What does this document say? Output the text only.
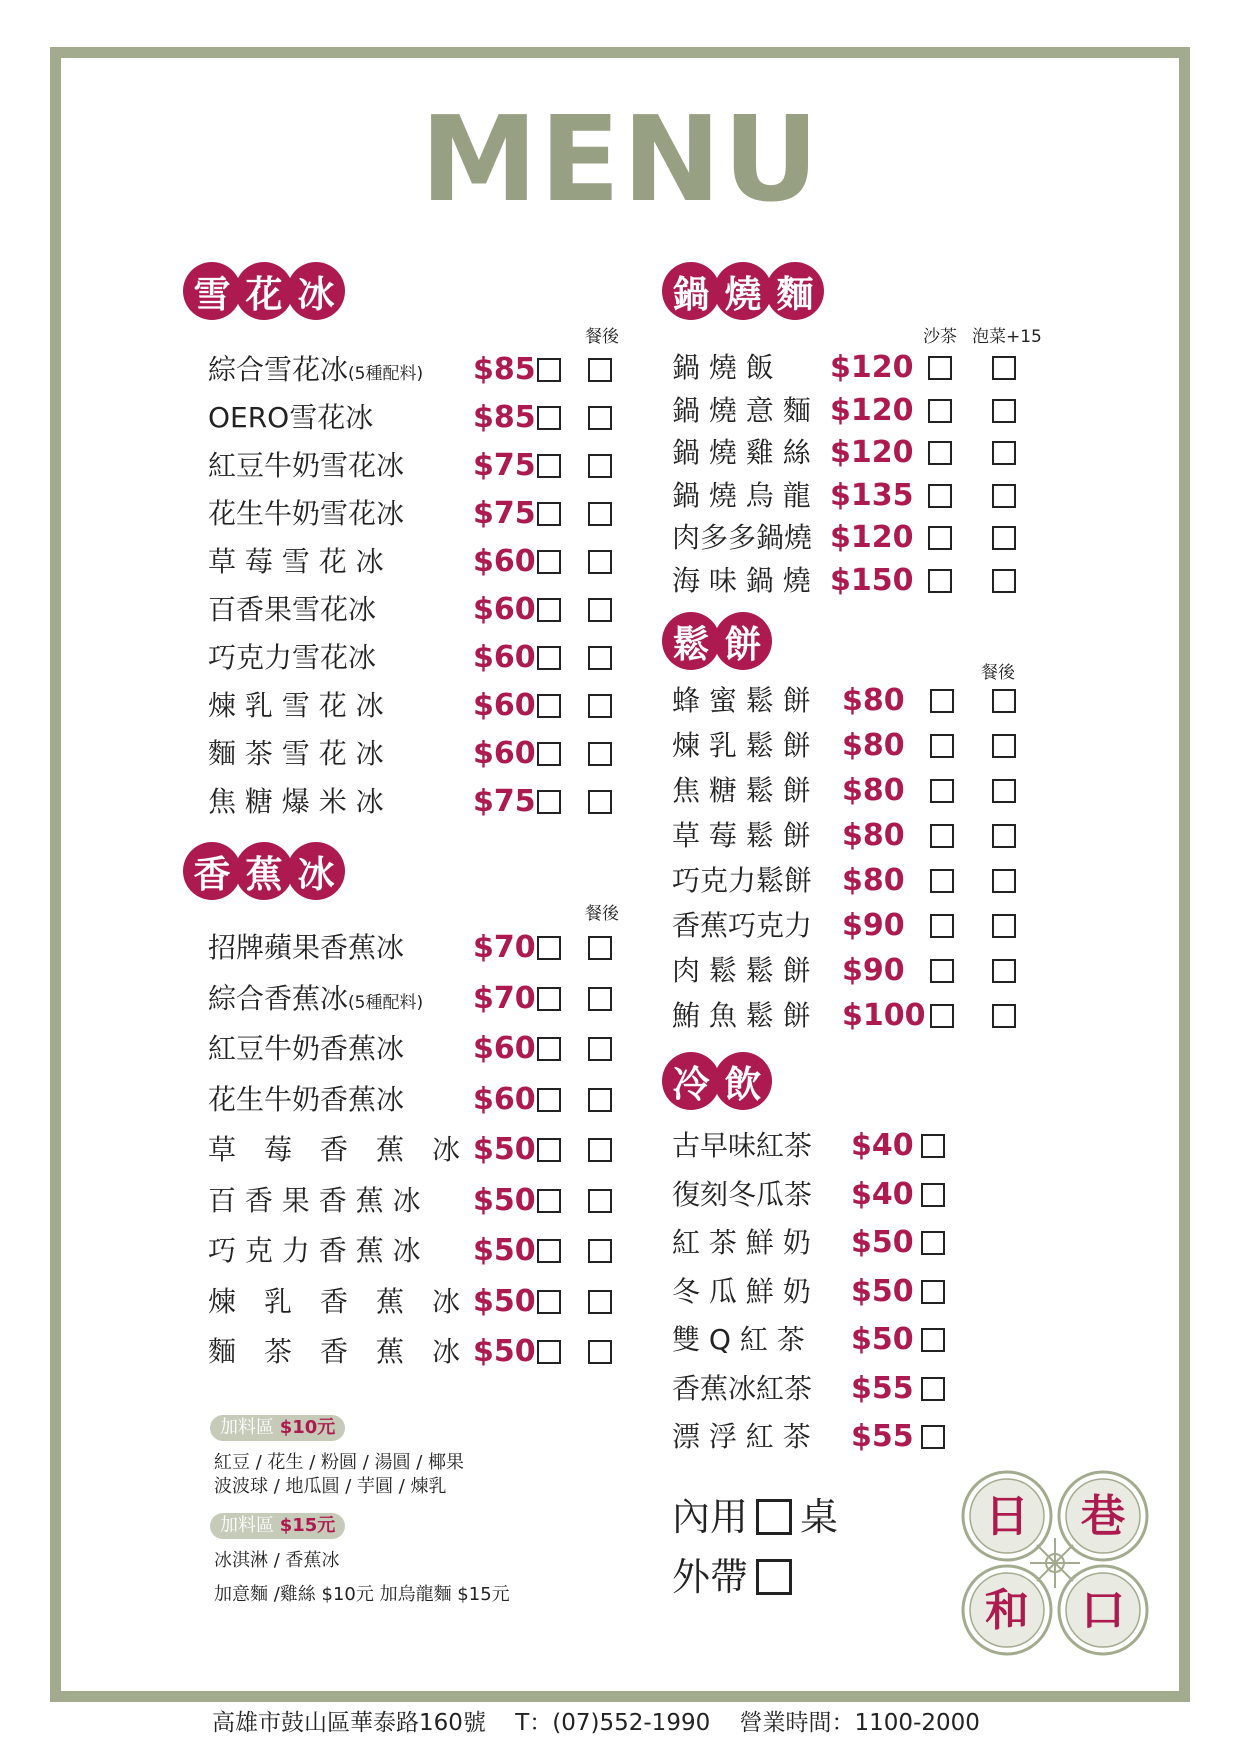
MENU
雪 花 冰
香 蕉 冰
鍋 燒 麵
鬆 餅
冷 飲
餐後
餐後
沙茶 泡菜+15
餐後
綜合雪花冰(5種配料) $85
OERO雪花冰	$85
紅豆牛奶雪花冰 $75
花生牛奶雪花冰 $75
草 莓 雪 花 冰	$60
百香果雪花冰	$60
巧克力雪花冰	$60
煉 乳 雪 花 冰	$60
麵 茶 雪 花 冰	$60
焦 糖 爆 米 冰	$75
招牌蘋果香蕉冰 $70
綜合香蕉冰(5種配料) $70
紅豆牛奶香蕉冰 $60
花生牛奶香蕉冰 $60
草　莓　香　蕉　冰 $50
百 香 果 香 蕉 冰 $50
巧 克 力 香 蕉 冰 $50
煉　乳　香　蕉　冰 $50
麵　茶　香　蕉　冰 $50
鍋 燒 飯 $120
鍋 燒 意 麵 $120
鍋 燒 雞 絲 $120
鍋 燒 烏 龍 $135
肉多多鍋燒 $120
海 味 鍋 燒 $150
蜂 蜜 鬆 餅 $80
煉 乳 鬆 餅 $80
焦 糖 鬆 餅 $80
草 莓 鬆 餅 $80
巧克力鬆餅 $80
香蕉巧克力 $90
肉 鬆 鬆 餅 $90
鮪 魚 鬆 餅 $100
古早味紅茶 $40
復刻冬瓜茶 $40
紅 茶 鮮 奶 $50
冬 瓜 鮮 奶 $50
雙 Q 紅 茶 $50
香蕉冰紅茶 $55
漂 浮 紅 茶 $55
加料區 $10元
紅豆 / 花生 / 粉圓 / 湯圓 / 椰果
波波球 / 地瓜圓 / 芋圓 / 煉乳
加料區 $15元
冰淇淋 / 香蕉冰
加意麵 /雞絲 $10元 加烏龍麵 $15元
內用 桌
外帶
日 巷
和 口
高雄市鼓山區華泰路160號 T：(07)552-1990 營業時間：1100-2000
